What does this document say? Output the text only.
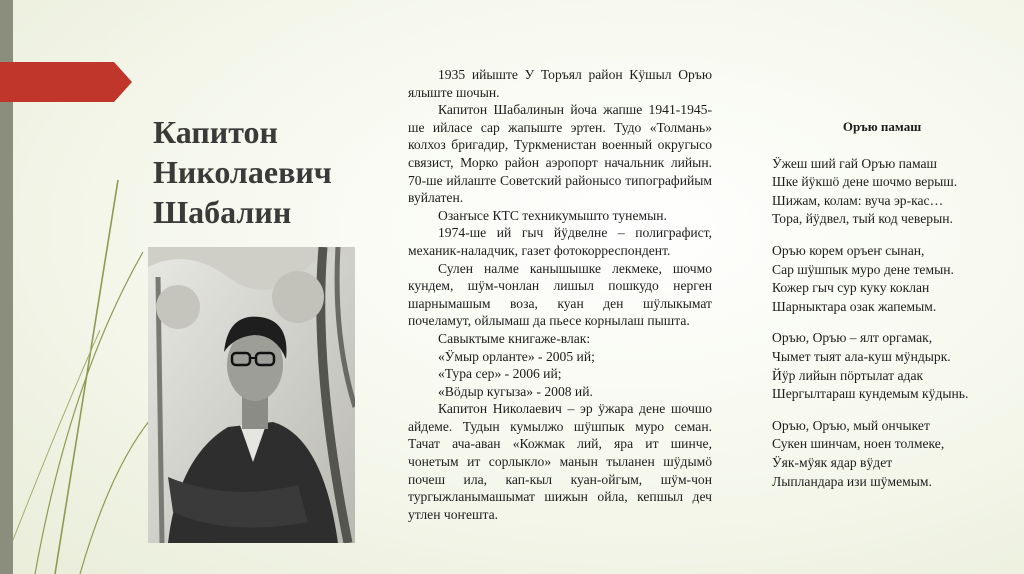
Капитон
Николаевич
Шабалин

1935 ийыште У Торъял район Кӱшыл Оръю ялыште шочын.

Капитон Шабалинын йоча жапше 1941-1945-ше ийласе сар жапыште эртен. Тудо «Толмань» колхоз бригадир, Туркменистан военный округысо связист, Морко район аэропорт начальник лийын. 70-ше ийлаште Советский районысо типографийым вуйлатен.

Озаҥысе КТС техникумышто тунемын.

1974-ше ий гыч йӱдвелне – полиграфист, механик-наладчик, газет фотокорреспондент.

Сулен налме канышышке лекмеке, шочмо кундем, шӱм-чонлан лишыл пошкудо нерген шарнымашым воза, куан ден шӱлыкымат почеламут, ойлымаш да пьесе корнылаш пышта.

Савыктыме книгаже-влак:

«Ӱмыр орланте» - 2005 ий;

«Тура сер» - 2006 ий;

«Вӧдыр кугыза» - 2008 ий.

Капитон Николаевич – эр ӱжара дене шочшо айдеме. Тудын кумылжо шӱшпык муро семан. Тачат ача-аван «Кожмак лий, яра ит шинче, чонетым ит сорлыкло» манын тыланен шӱдымӧ почеш ила, кап-кыл куан-ойгым, шӱм-чон тургыжланымашымат шижын ойла, кепшыл деч утлен чоҥешта.

Оръю памаш
Ӱжеш ший гай Оръю памаш
Шке йӱкшӧ дене шочмо верыш.
Шижам, колам: вуча эр-кас…
Тора, йӱдвел, тый код чеверын.
Оръю корем оръеҥ сынан,
Сар шӱшпык муро дене темын.
Кожер гыч сур куку коклан
Шарныктара озак жапемым.
Оръю, Оръю – ялт оргамак,
Чымет тыят ала-куш мӱндырк.
Йӱр лийын пӧртылат адак
Шергылтараш кундемым кӱдынь.
Оръю, Оръю, мый ончыкет
Сукен шинчам, ноен толмеке,
Ӱяк-мӱяк ядар вӱдет
Лыпландара изи шӱмемым.
